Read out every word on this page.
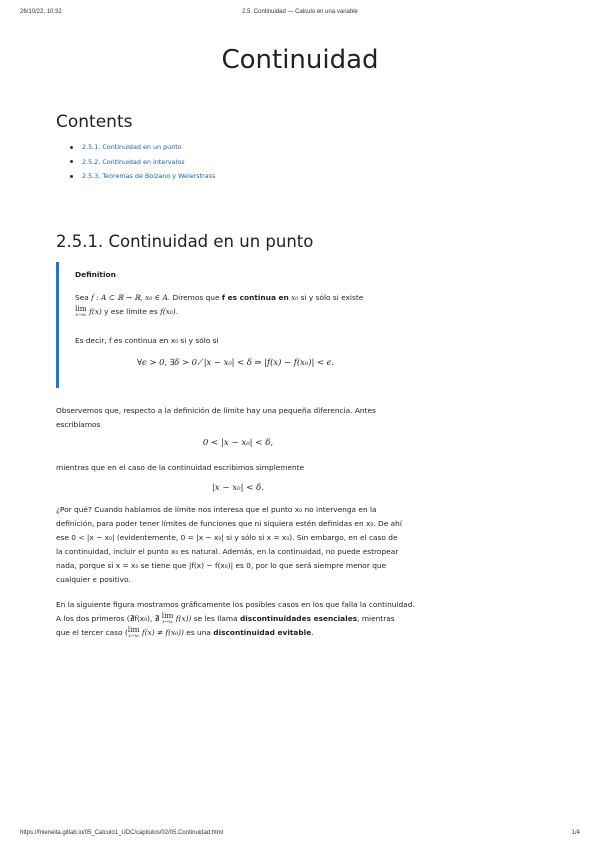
26/10/22, 10:32	2.5. Continuidad — Calculo en una variable
Continuidad
Contents
2.5.1. Continuidad en un punto
2.5.2. Continuidad en intervalos
2.5.3. Teoremas de Bolzano y Weierstrass
2.5.1. Continuidad en un punto
Definition
Sea f : A ⊂ ℝ → ℝ, x₀ ∈ A. Diremos que f es continua en x₀ si y sólo si existe
lim
x→x₀ f(x) y ese límite es f(x₀).
Es decir, f es continua en x₀ si y sólo si
∀ϵ > 0, ∃δ > 0 ⁄ |x − x₀| < δ ⇒ |f(x) − f(x₀)| < ϵ.

Observemos que, respecto a la definición de límite hay una pequeña diferencia. Antes

escribíamos

0 < |x − x₀| < δ,

mientras que en el caso de la continuidad escribimos simplemente

|x − x₀| < δ.

¿Por qué? Cuando hablamos de límite nos interesa que el punto x₀ no intervenga en la

definición, para poder tener límites de funciones que ni siquiera estén definidas en x₀. De ahí

ese 0 < |x − x₀| (evidentemente, 0 = |x − x₀| si y sólo si x = x₀). Sin embargo, en el caso de

la continuidad, incluir el punto x₀ es natural. Además, en la continuidad, no puede estropear

nada, porque si x = x₀ se tiene que |f(x) − f(x₀)| es 0, por lo que será siempre menor que

cualquier ϵ positivo.

En la siguiente figura mostramos gráficamente los posibles casos en los que falla la continuidad.

A los dos primeros (∄f(x₀), ∄ lim
x→x₀ f(x)) se les llama discontinuidades esenciales, mientras

que el tercer caso (lim
x→x₀ f(x) ≠ f(x₀)) es una discontinuidad evitable.

https://fnieneita.gitlab.io/05_Calculo1_UDC/capitulos/02/05.Continuidad.html	1/4
